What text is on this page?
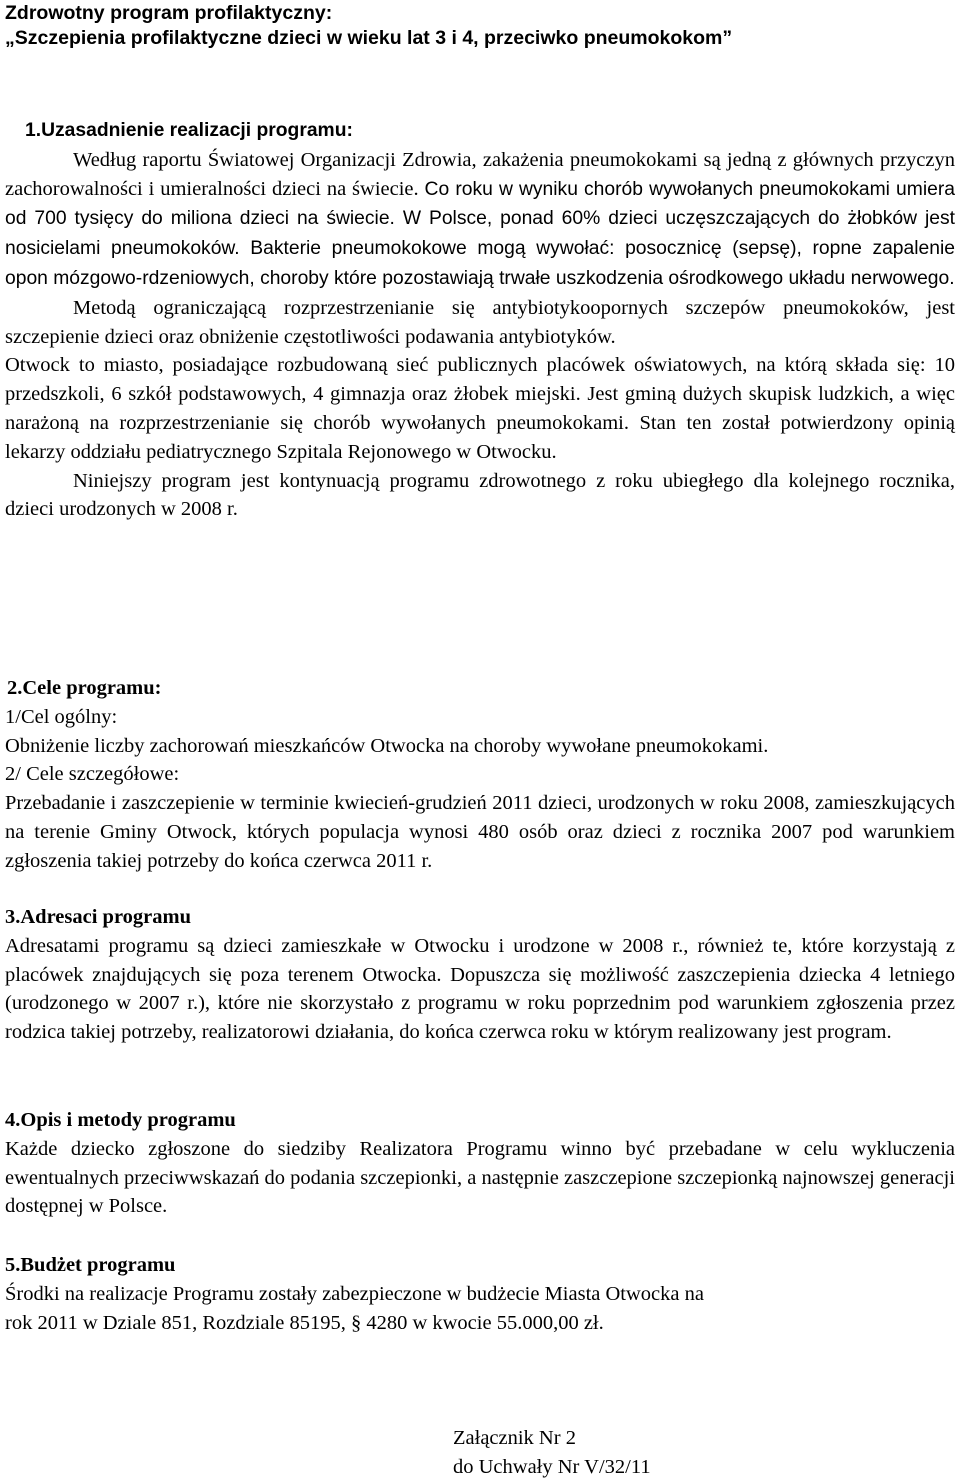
Zdrowotny program profilaktyczny:
„Szczepienia profilaktyczne dzieci w wieku lat 3 i 4, przeciwko pneumokokom”

1.Uzasadnienie realizacji programu:

Według raportu Światowej Organizacji Zdrowia, zakażenia pneumokokami są jedną z głównych przyczyn zachorowalności i umieralności dzieci na świecie. Co roku w wyniku chorób wywołanych pneumokokami umiera od 700 tysięcy do miliona dzieci na świecie. W Polsce, ponad 60% dzieci uczęszczających do żłobków jest nosicielami pneumokoków. Bakterie pneumokokowe mogą wywołać: posocznicę (sepsę), ropne zapalenie opon mózgowo-rdzeniowych, choroby które pozostawiają trwałe uszkodzenia ośrodkowego układu nerwowego.

Metodą ograniczającą rozprzestrzenianie się antybiotykoopornych szczepów pneumokoków, jest szczepienie dzieci oraz obniżenie częstotliwości podawania antybiotyków.

Otwock to miasto, posiadające rozbudowaną sieć publicznych placówek oświatowych, na którą składa się: 10 przedszkoli, 6 szkół podstawowych, 4 gimnazja oraz żłobek miejski. Jest gminą dużych skupisk ludzkich, a więc narażoną na rozprzestrzenianie się chorób wywołanych pneumokokami. Stan ten został potwierdzony opinią lekarzy oddziału pediatrycznego Szpitala Rejonowego w Otwocku.

Niniejszy program jest kontynuacją programu zdrowotnego z roku ubiegłego dla kolejnego rocznika, dzieci urodzonych w 2008 r.

2.Cele programu:

1/Cel ogólny:

Obniżenie liczby zachorowań mieszkańców Otwocka na choroby wywołane pneumokokami.

2/ Cele szczegółowe:

Przebadanie i zaszczepienie w terminie kwiecień-grudzień 2011 dzieci, urodzonych w roku 2008, zamieszkujących na terenie Gminy Otwock, których populacja wynosi 480 osób oraz dzieci z rocznika 2007 pod warunkiem zgłoszenia takiej potrzeby do końca czerwca 2011 r.

3.Adresaci programu

Adresatami programu są dzieci zamieszkałe w Otwocku i urodzone w 2008 r., również te, które korzystają z placówek znajdujących się poza terenem Otwocka. Dopuszcza się możliwość zaszczepienia dziecka 4 letniego (urodzonego w 2007 r.), które nie skorzystało z programu w roku poprzednim pod warunkiem zgłoszenia przez rodzica takiej potrzeby, realizatorowi działania, do końca czerwca roku w którym realizowany jest program.

4.Opis i metody programu

Każde dziecko zgłoszone do siedziby Realizatora Programu winno być przebadane w celu wykluczenia ewentualnych przeciwwskazań do podania szczepionki, a następnie zaszczepione szczepionką najnowszej generacji dostępnej w Polsce.

5.Budżet programu

Środki na realizacje Programu zostały zabezpieczone w budżecie Miasta Otwocka na

rok 2011 w Dziale 851, Rozdziale 85195, § 4280 w kwocie 55.000,00 zł.

Załącznik Nr 2
do Uchwały Nr V/32/11
